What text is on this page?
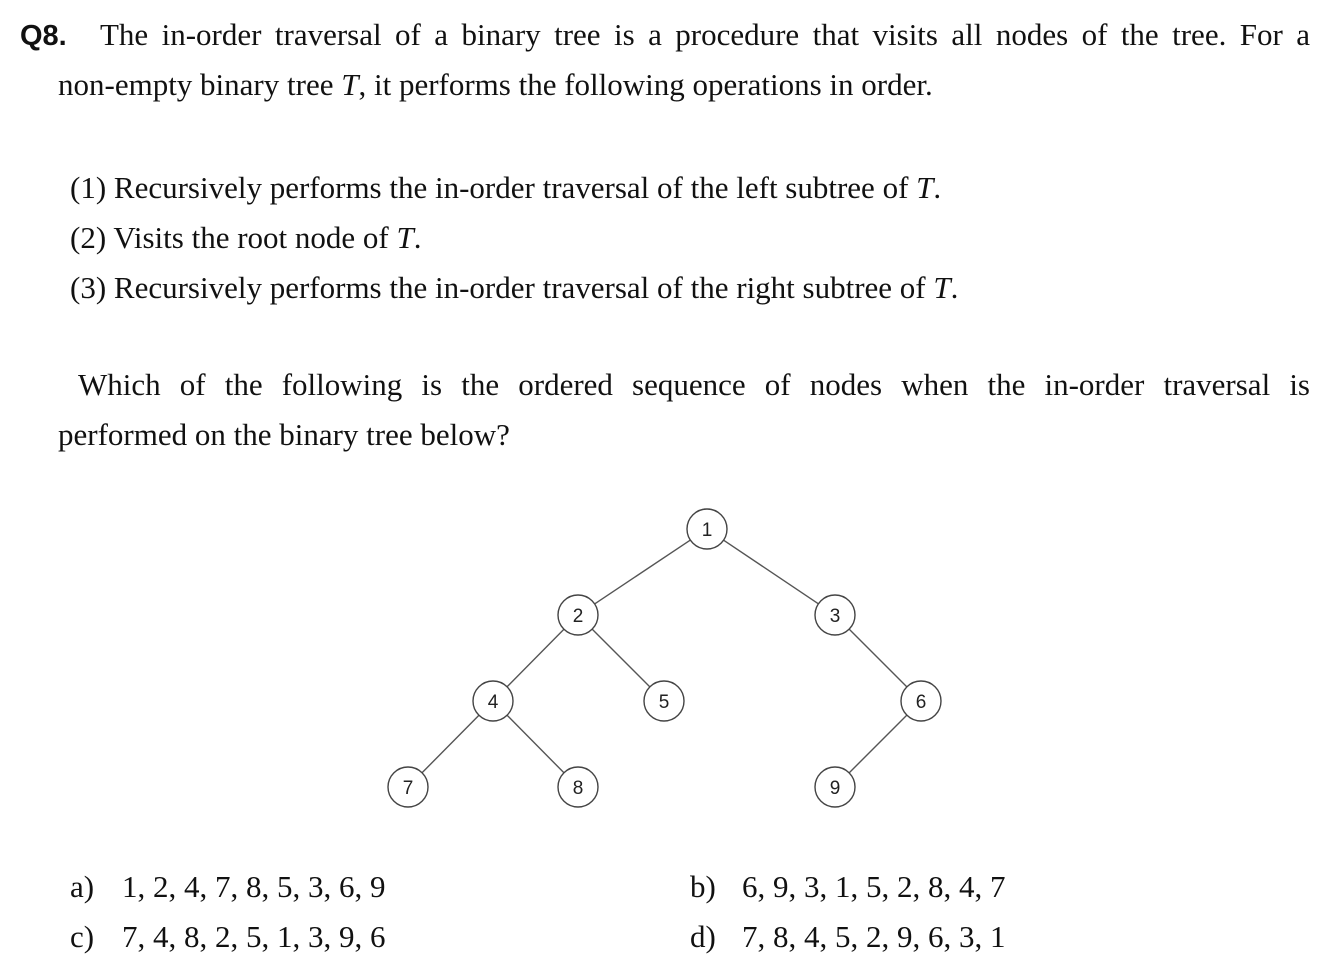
Q8. The in-order traversal of a binary tree is a procedure that visits all nodes of the tree. For a
non-empty binary tree T, it performs the following operations in order.
(1) Recursively performs the in-order traversal of the left subtree of T.
(2) Visits the root node of T.
(3) Recursively performs the in-order traversal of the right subtree of T.
Which of the following is the ordered sequence of nodes when the in-order traversal is
performed on the binary tree below?
1
2	3
4	5	6
7	8	9
a) 1, 2, 4, 7, 8, 5, 3, 6, 9	b) 6, 9, 3, 1, 5, 2, 8, 4, 7
c) 7, 4, 8, 2, 5, 1, 3, 9, 6	d) 7, 8, 4, 5, 2, 9, 6, 3, 1
